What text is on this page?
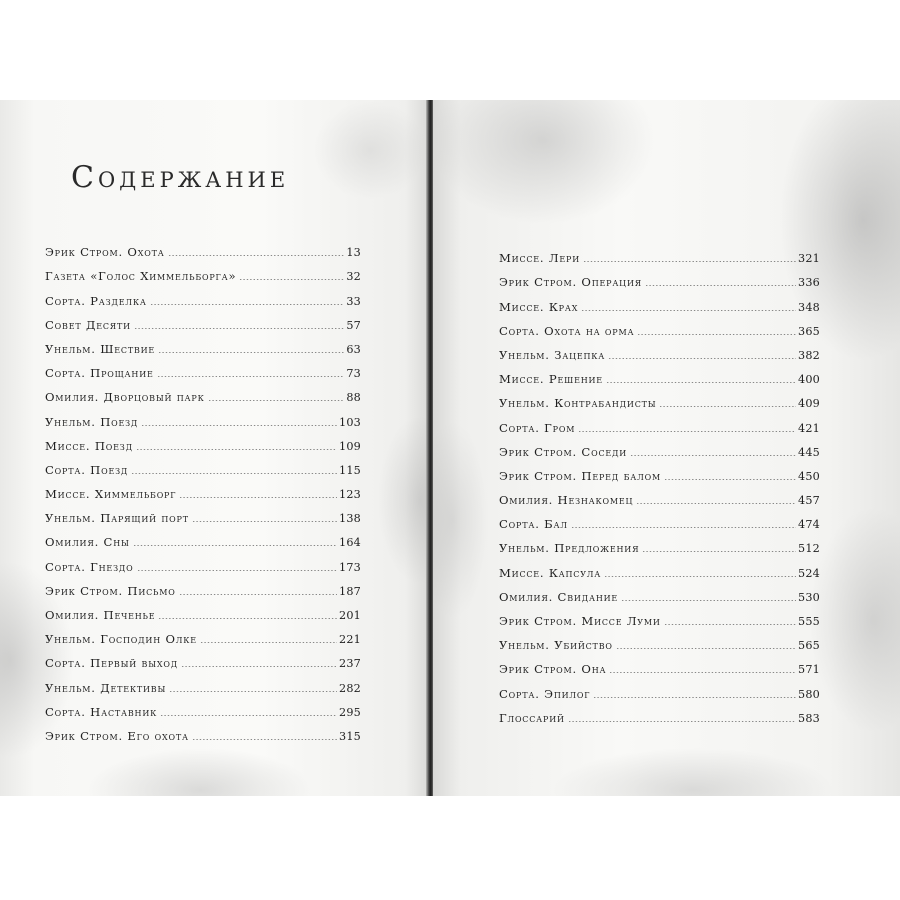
Содержание
Эрик Стром. Охота	13
Газета «Голос Химмельборга»	32
Сорта. Разделка	33
Совет Десяти	57
Унельм. Шествие	63
Сорта. Прощание	73
Омилия. Дворцовый парк	88
Унельм. Поезд	103
Миссе. Поезд	109
Сорта. Поезд	115
Миссе. Химмельборг	123
Унельм. Парящий порт	138
Омилия. Сны	164
Сорта. Гнездо	173
Эрик Стром. Письмо	187
Омилия. Печенье	201
Унельм. Господин Олке	221
Сорта. Первый выход	237
Унельм. Детективы	282
Сорта. Наставник	295
Эрик Стром. Его охота	315
Миссе. Лери	321
Эрик Стром. Операция	336
Миссе. Крах	348
Сорта. Охота на орма	365
Унельм. Зацепка	382
Миссе. Решение	400
Унельм. Контрабандисты	409
Сорта. Гром	421
Эрик Стром. Соседи	445
Эрик Стром. Перед балом	450
Омилия. Незнакомец	457
Сорта. Бал	474
Унельм. Предложения	512
Миссе. Капсула	524
Омилия. Свидание	530
Эрик Стром. Миссе Луми	555
Унельм. Убийство	565
Эрик Стром. Она	571
Сорта. Эпилог	580
Глоссарий	583
